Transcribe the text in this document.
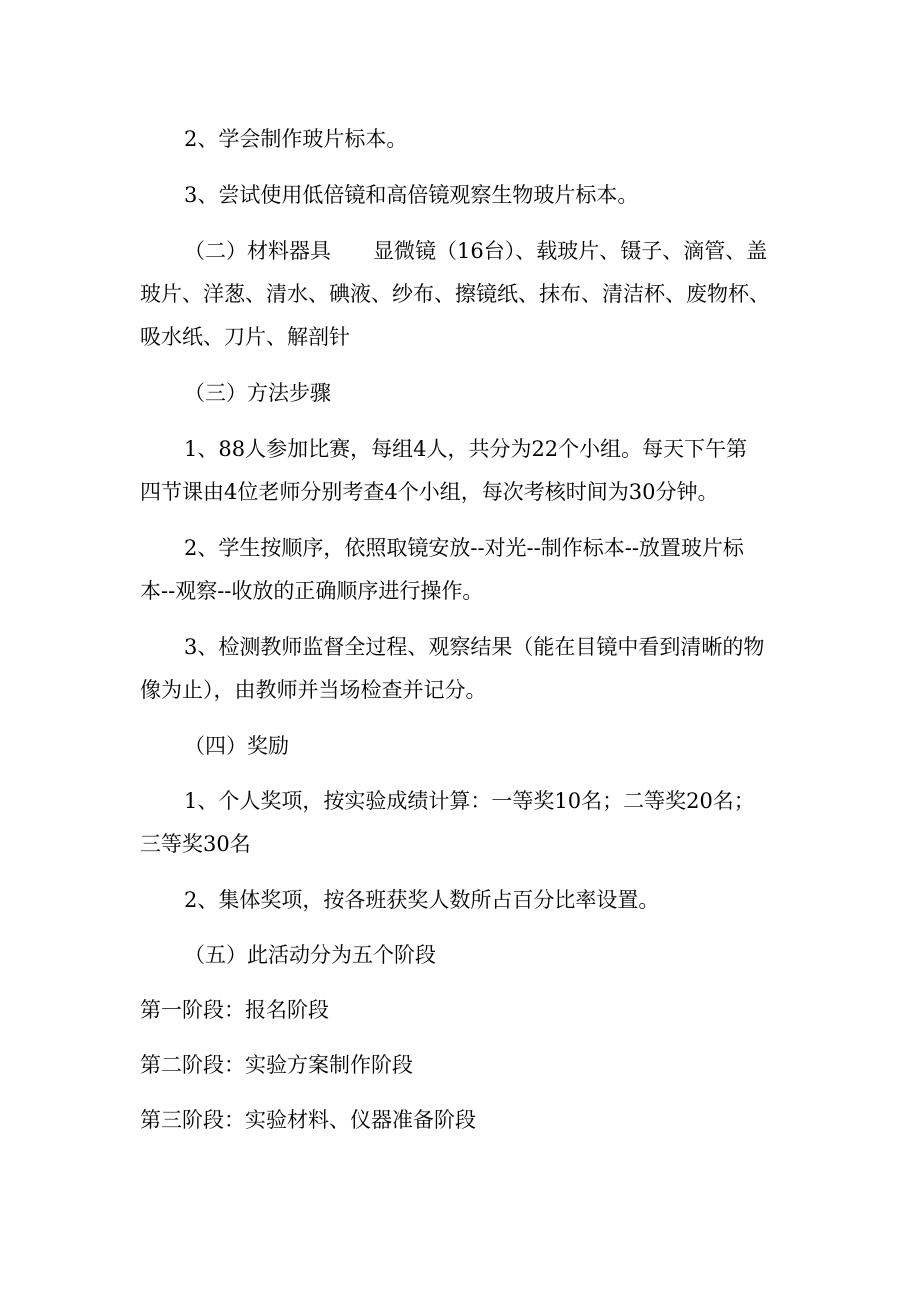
2、学会制作玻片标本。

3、尝试使用低倍镜和高倍镜观察生物玻片标本。

（二）材料器具　　显微镜（16台）、载玻片、镊子、滴管、盖
玻片、洋葱、清水、碘液、纱布、擦镜纸、抹布、清洁杯、废物杯、
吸水纸、刀片、解剖针

（三）方法步骤

1、88人参加比赛，每组4人，共分为22个小组。每天下午第
四节课由4位老师分别考查4个小组，每次考核时间为30分钟。

2、学生按顺序，依照取镜安放--对光--制作标本--放置玻片标
本--观察--收放的正确顺序进行操作。

3、检测教师监督全过程、观察结果（能在目镜中看到清晰的物
像为止），由教师并当场检查并记分。

（四）奖励

1、个人奖项，按实验成绩计算：一等奖10名；二等奖20名；
三等奖30名

2、集体奖项，按各班获奖人数所占百分比率设置。

（五）此活动分为五个阶段

第一阶段：报名阶段

第二阶段：实验方案制作阶段

第三阶段：实验材料、仪器准备阶段
